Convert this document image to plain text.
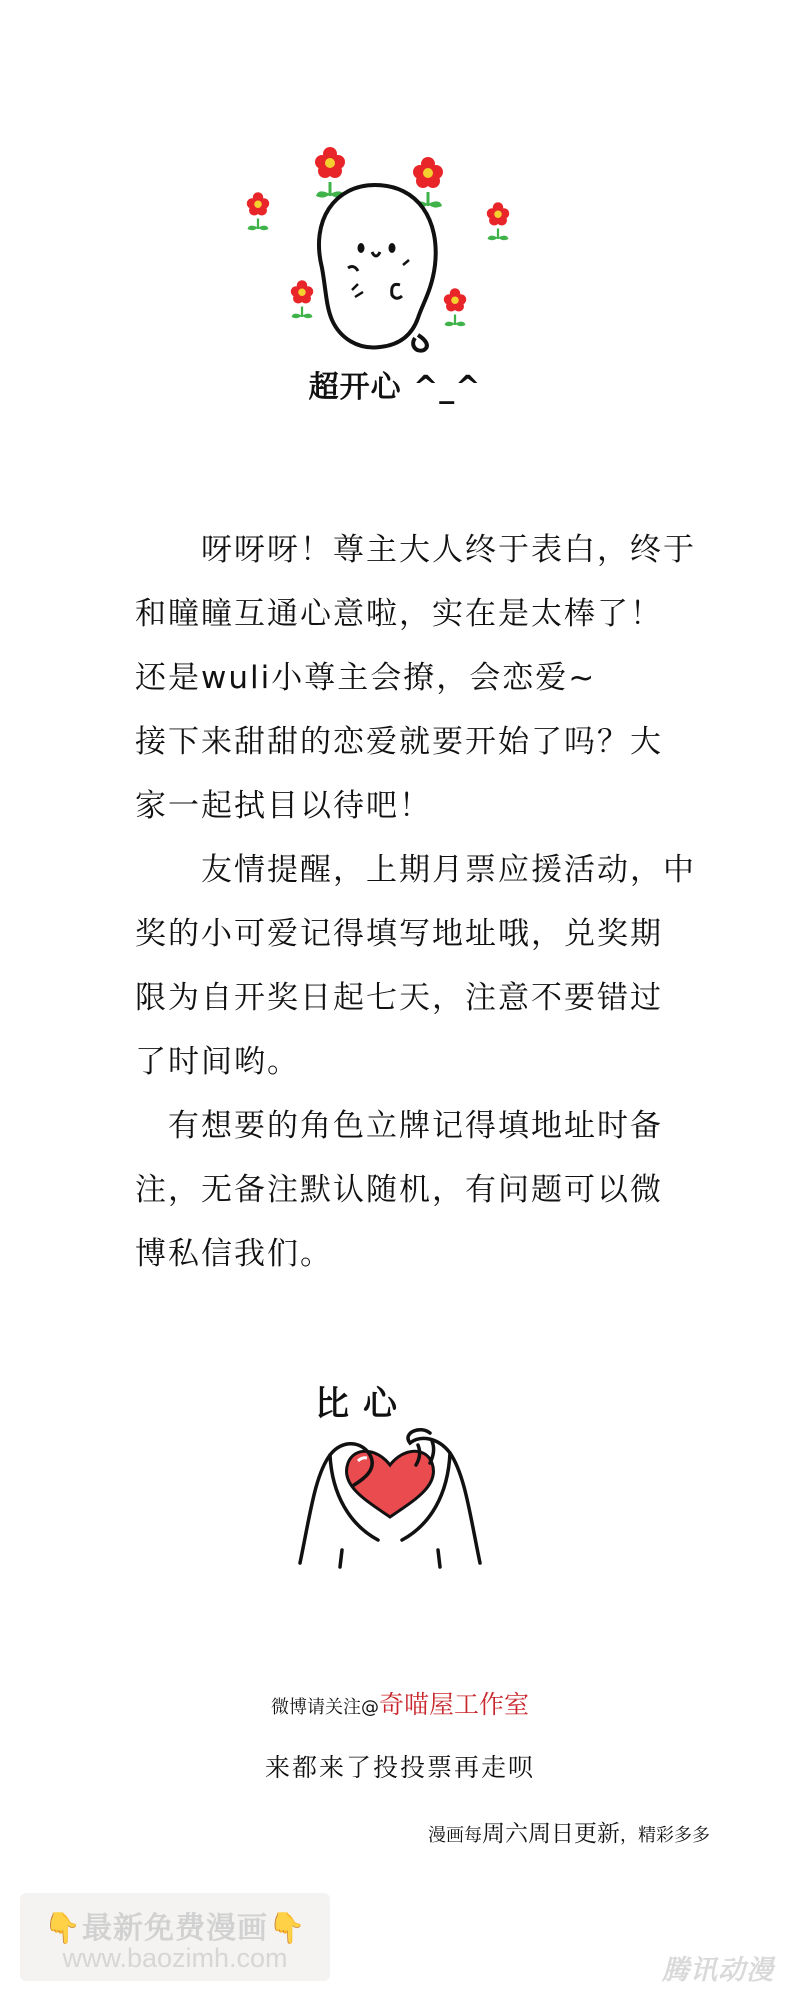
超开心 ^_^

　　呀呀呀！尊主大人终于表白，终于

和瞳瞳互通心意啦，实在是太棒了！

还是wuli小尊主会撩，会恋爱~

接下来甜甜的恋爱就要开始了吗？大

家一起拭目以待吧！

　　友情提醒，上期月票应援活动，中

奖的小可爱记得填写地址哦，兑奖期

限为自开奖日起七天，注意不要错过

了时间哟。

　有想要的角色立牌记得填地址时备

注，无备注默认随机，有问题可以微

博私信我们。

比心
微博请关注@奇喵屋工作室
来都来了投投票再走呗
漫画每周六周日更新，精彩多多
👇最新免费漫画👇
www.baozimh.com	腾讯动漫
